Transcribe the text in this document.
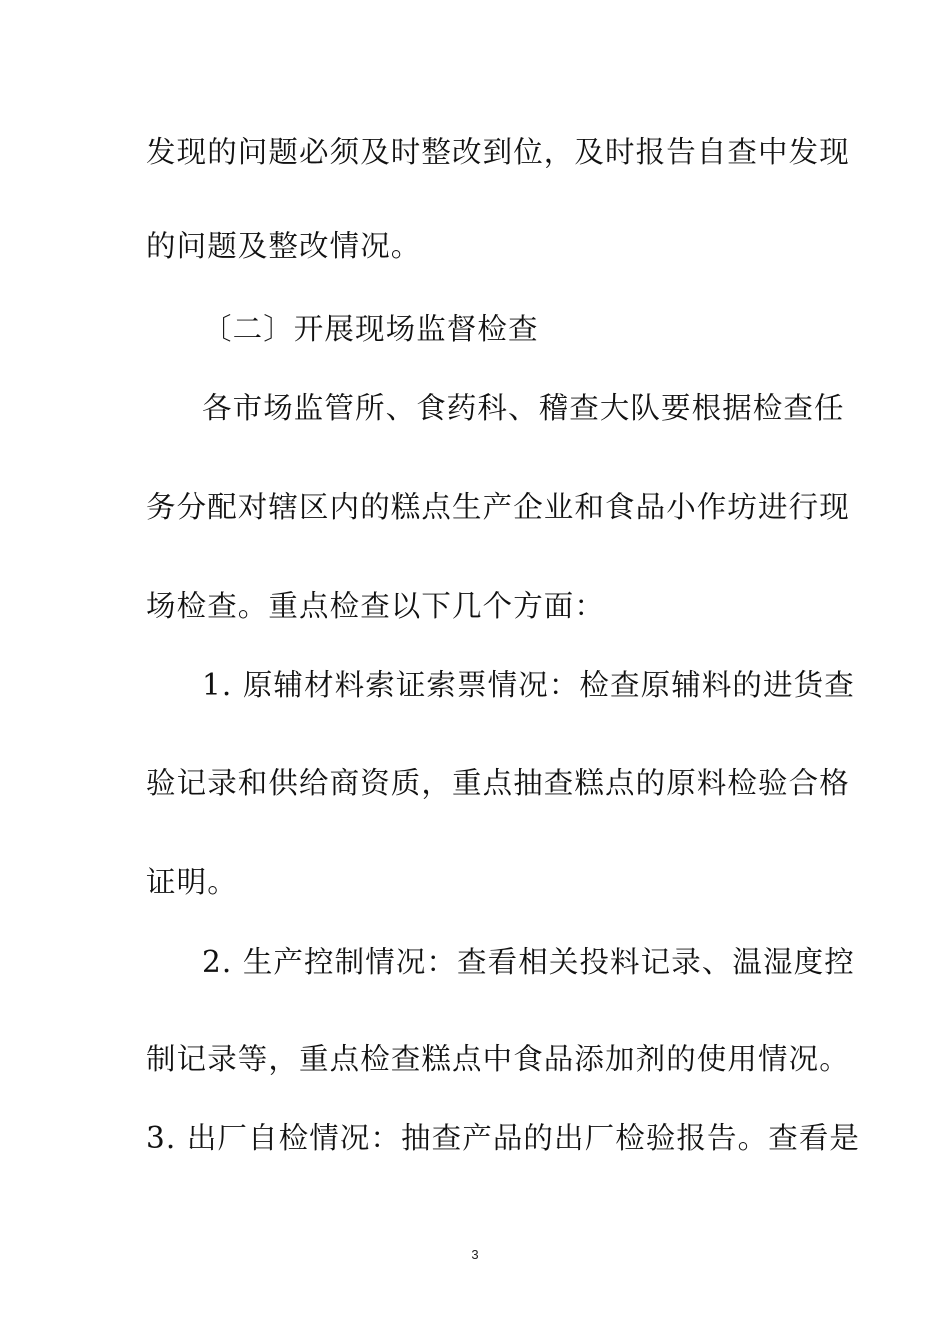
发现的问题必须及时整改到位，及时报告自查中发现
的问题及整改情况。
〔二〕开展现场监督检查
各市场监管所、食药科、稽查大队要根据检查任
务分配对辖区内的糕点生产企业和食品小作坊进行现
场检查。重点检查以下几个方面：
1. 原辅材料索证索票情况：检查原辅料的进货查
验记录和供给商资质，重点抽查糕点的原料检验合格
证明。
2. 生产控制情况：查看相关投料记录、温湿度控
制记录等，重点检查糕点中食品添加剂的使用情况。
3. 出厂自检情况：抽查产品的出厂检验报告。查看是
3
